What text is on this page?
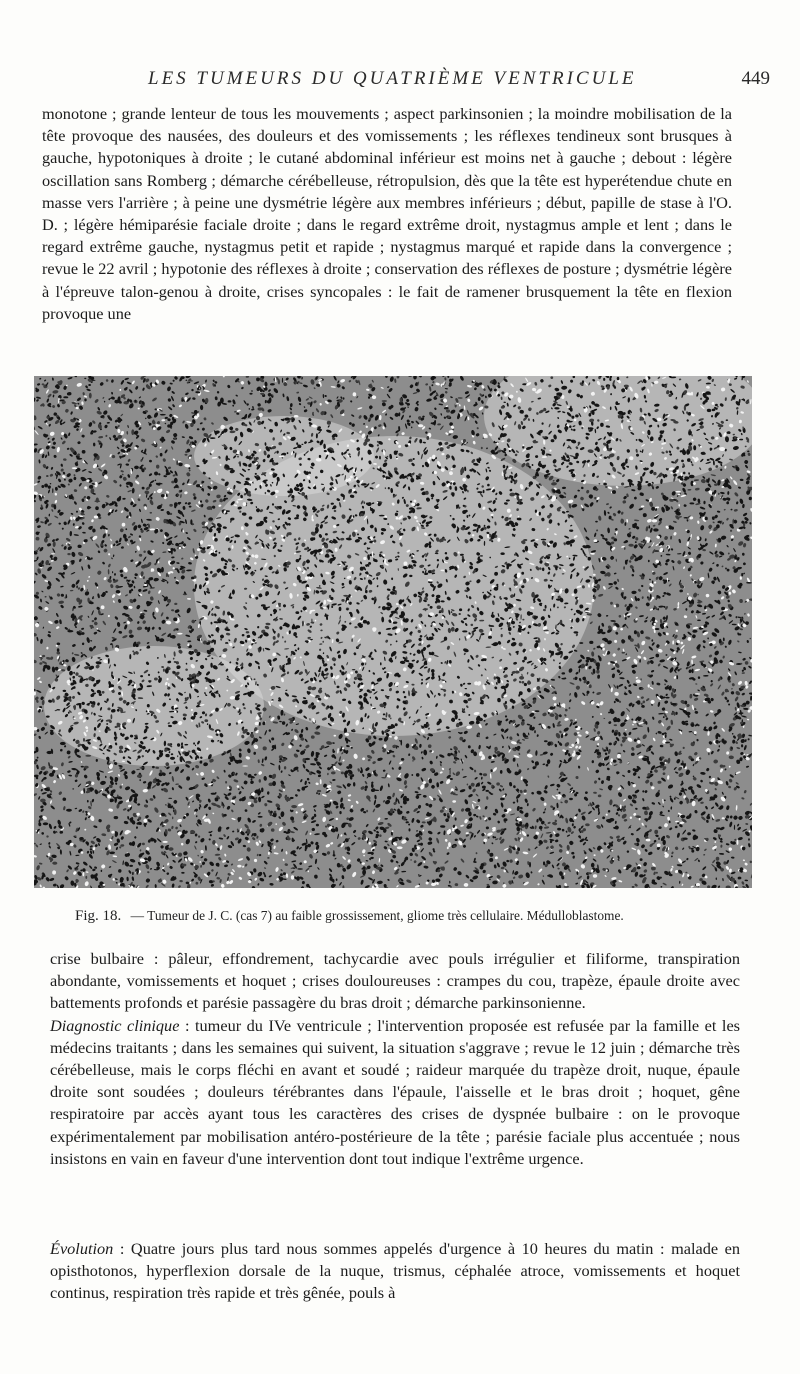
LES TUMEURS DU QUATRIÈME VENTRICULE	449

monotone ; grande lenteur de tous les mouvements ; aspect parkinsonien ; la moindre mobilisation de la tête provoque des nausées, des douleurs et des vomissements ; les réflexes tendineux sont brusques à gauche, hypotoniques à droite ; le cutané abdominal inférieur est moins net à gauche ; debout : légère oscillation sans Romberg ; démarche cérébelleuse, rétropulsion, dès que la tête est hyperétendue chute en masse vers l'arrière ; à peine une dysmétrie légère aux membres inférieurs ; début, papille de stase à l'O. D. ; légère hémiparésie faciale droite ; dans le regard extrême droit, nystagmus ample et lent ; dans le regard extrême gauche, nystagmus petit et rapide ; nystagmus marqué et rapide dans la convergence ; revue le 22 avril ; hypotonie des réflexes à droite ; conservation des réflexes de posture ; dysmétrie légère à l'épreuve talon-genou à droite, crises syncopales : le fait de ramener brusquement la tête en flexion provoque une

Fig. 18. — Tumeur de J. C. (cas 7) au faible grossissement, gliome très cellulaire. Médulloblastome.

crise bulbaire : pâleur, effondrement, tachycardie avec pouls irrégulier et filiforme, transpiration abondante, vomissements et hoquet ; crises douloureuses : crampes du cou, trapèze, épaule droite avec battements profonds et parésie passagère du bras droit ; démarche parkinsonienne.
Diagnostic clinique : tumeur du IVe ventricule ; l'intervention proposée est refusée par la famille et les médecins traitants ; dans les semaines qui suivent, la situation s'aggrave ; revue le 12 juin ; démarche très cérébelleuse, mais le corps fléchi en avant et soudé ; raideur marquée du trapèze droit, nuque, épaule droite sont soudées ; douleurs térébrantes dans l'épaule, l'aisselle et le bras droit ; hoquet, gêne respiratoire par accès ayant tous les caractères des crises de dyspnée bulbaire : on le provoque expérimentalement par mobilisation antéro-postérieure de la tête ; parésie faciale plus accentuée ; nous insistons en vain en faveur d'une intervention dont tout indique l'extrême urgence.

Évolution : Quatre jours plus tard nous sommes appelés d'urgence à 10 heures du matin : malade en opisthotonos, hyperflexion dorsale de la nuque, trismus, céphalée atroce, vomissements et hoquet continus, respiration très rapide et très gênée, pouls à
